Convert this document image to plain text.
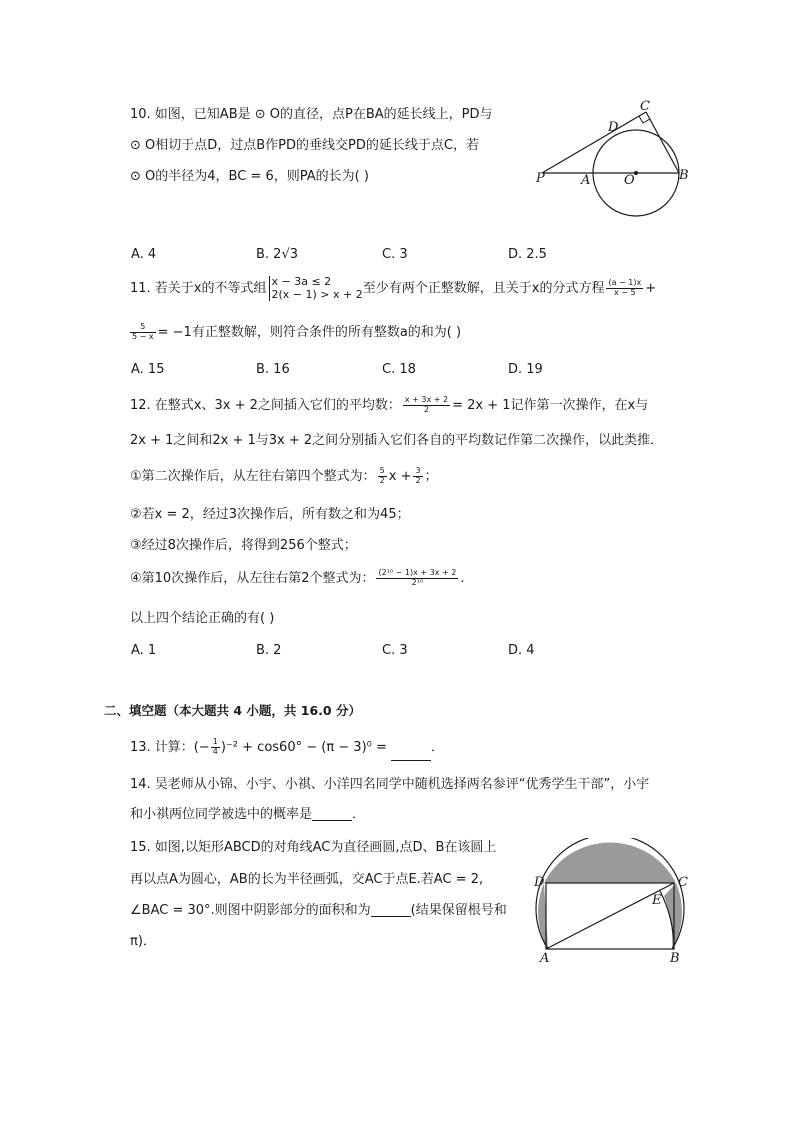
10. 如图，已知AB是 ⊙ O的直径，点P在BA的延长线上，PD与
⊙ O相切于点D，过点B作PD的垂线交PD的延长线于点C，若
⊙ O的半径为4，BC = 6，则PA的长为( )
C
D
P	A	O	B
A. 4	B. 2√3	C. 3	D. 2.5
11. 若关于x的不等式组 x − 3a ≤ 2
2(x − 1) > x + 2 至少有两个正整数解，且关于x的分式方程 $\frac{(a - 1)x}{x - 5}$ +
$\frac{5}{5 - x} = -1$有正整数解，则符合条件的所有整数a的和为( )
A. 15	B. 16	C. 18	D. 19
12. 在整式x、3x + 2之间插入它们的平均数： $\frac{x + 3x + 2}{2} = 2x + 1$记作第一次操作，在x与
2x + 1之间和2x + 1与3x + 2之间分别插入它们各自的平均数记作第二次操作，以此类推．
①第二次操作后，从左往右第四个整式为： $\frac{5}{2}$ $x + \frac{3}{2}$ ；
②若x = 2，经过3次操作后，所有数之和为45；
③经过8次操作后，将得到256个整式；
④第10次操作后，从左往右第2个整式为： $\frac{\text{(2¹⁰ − 1)x + 3x + 2}}{\text{2¹⁰}}$ .
以上四个结论正确的有( )
A. 1	B. 2	C. 3	D. 4
二、填空题（本大题共 4 小题，共 16.0 分）
13. 计算：(− $\frac{1}{4} )^{-2} + \cos 60^\circ - (\pi - 3)^0$ =	．
14. 吴老师从小锦、小宇、小祺、小洋四名同学中随机选择两名参评“优秀学生干部”，小宇
和小祺两位同学被选中的概率是	．
15. 如图,以矩形ABCD的对角线AC为直径画圆,点D、B在该圆上
再以点A为圆心，AB的长为半径画弧，交AC于点E.若AC = 2,
∠BAC = 30°.则图中阴影部分的面积和为	(结果保留根号和
π)．
D	C
E
A	B
